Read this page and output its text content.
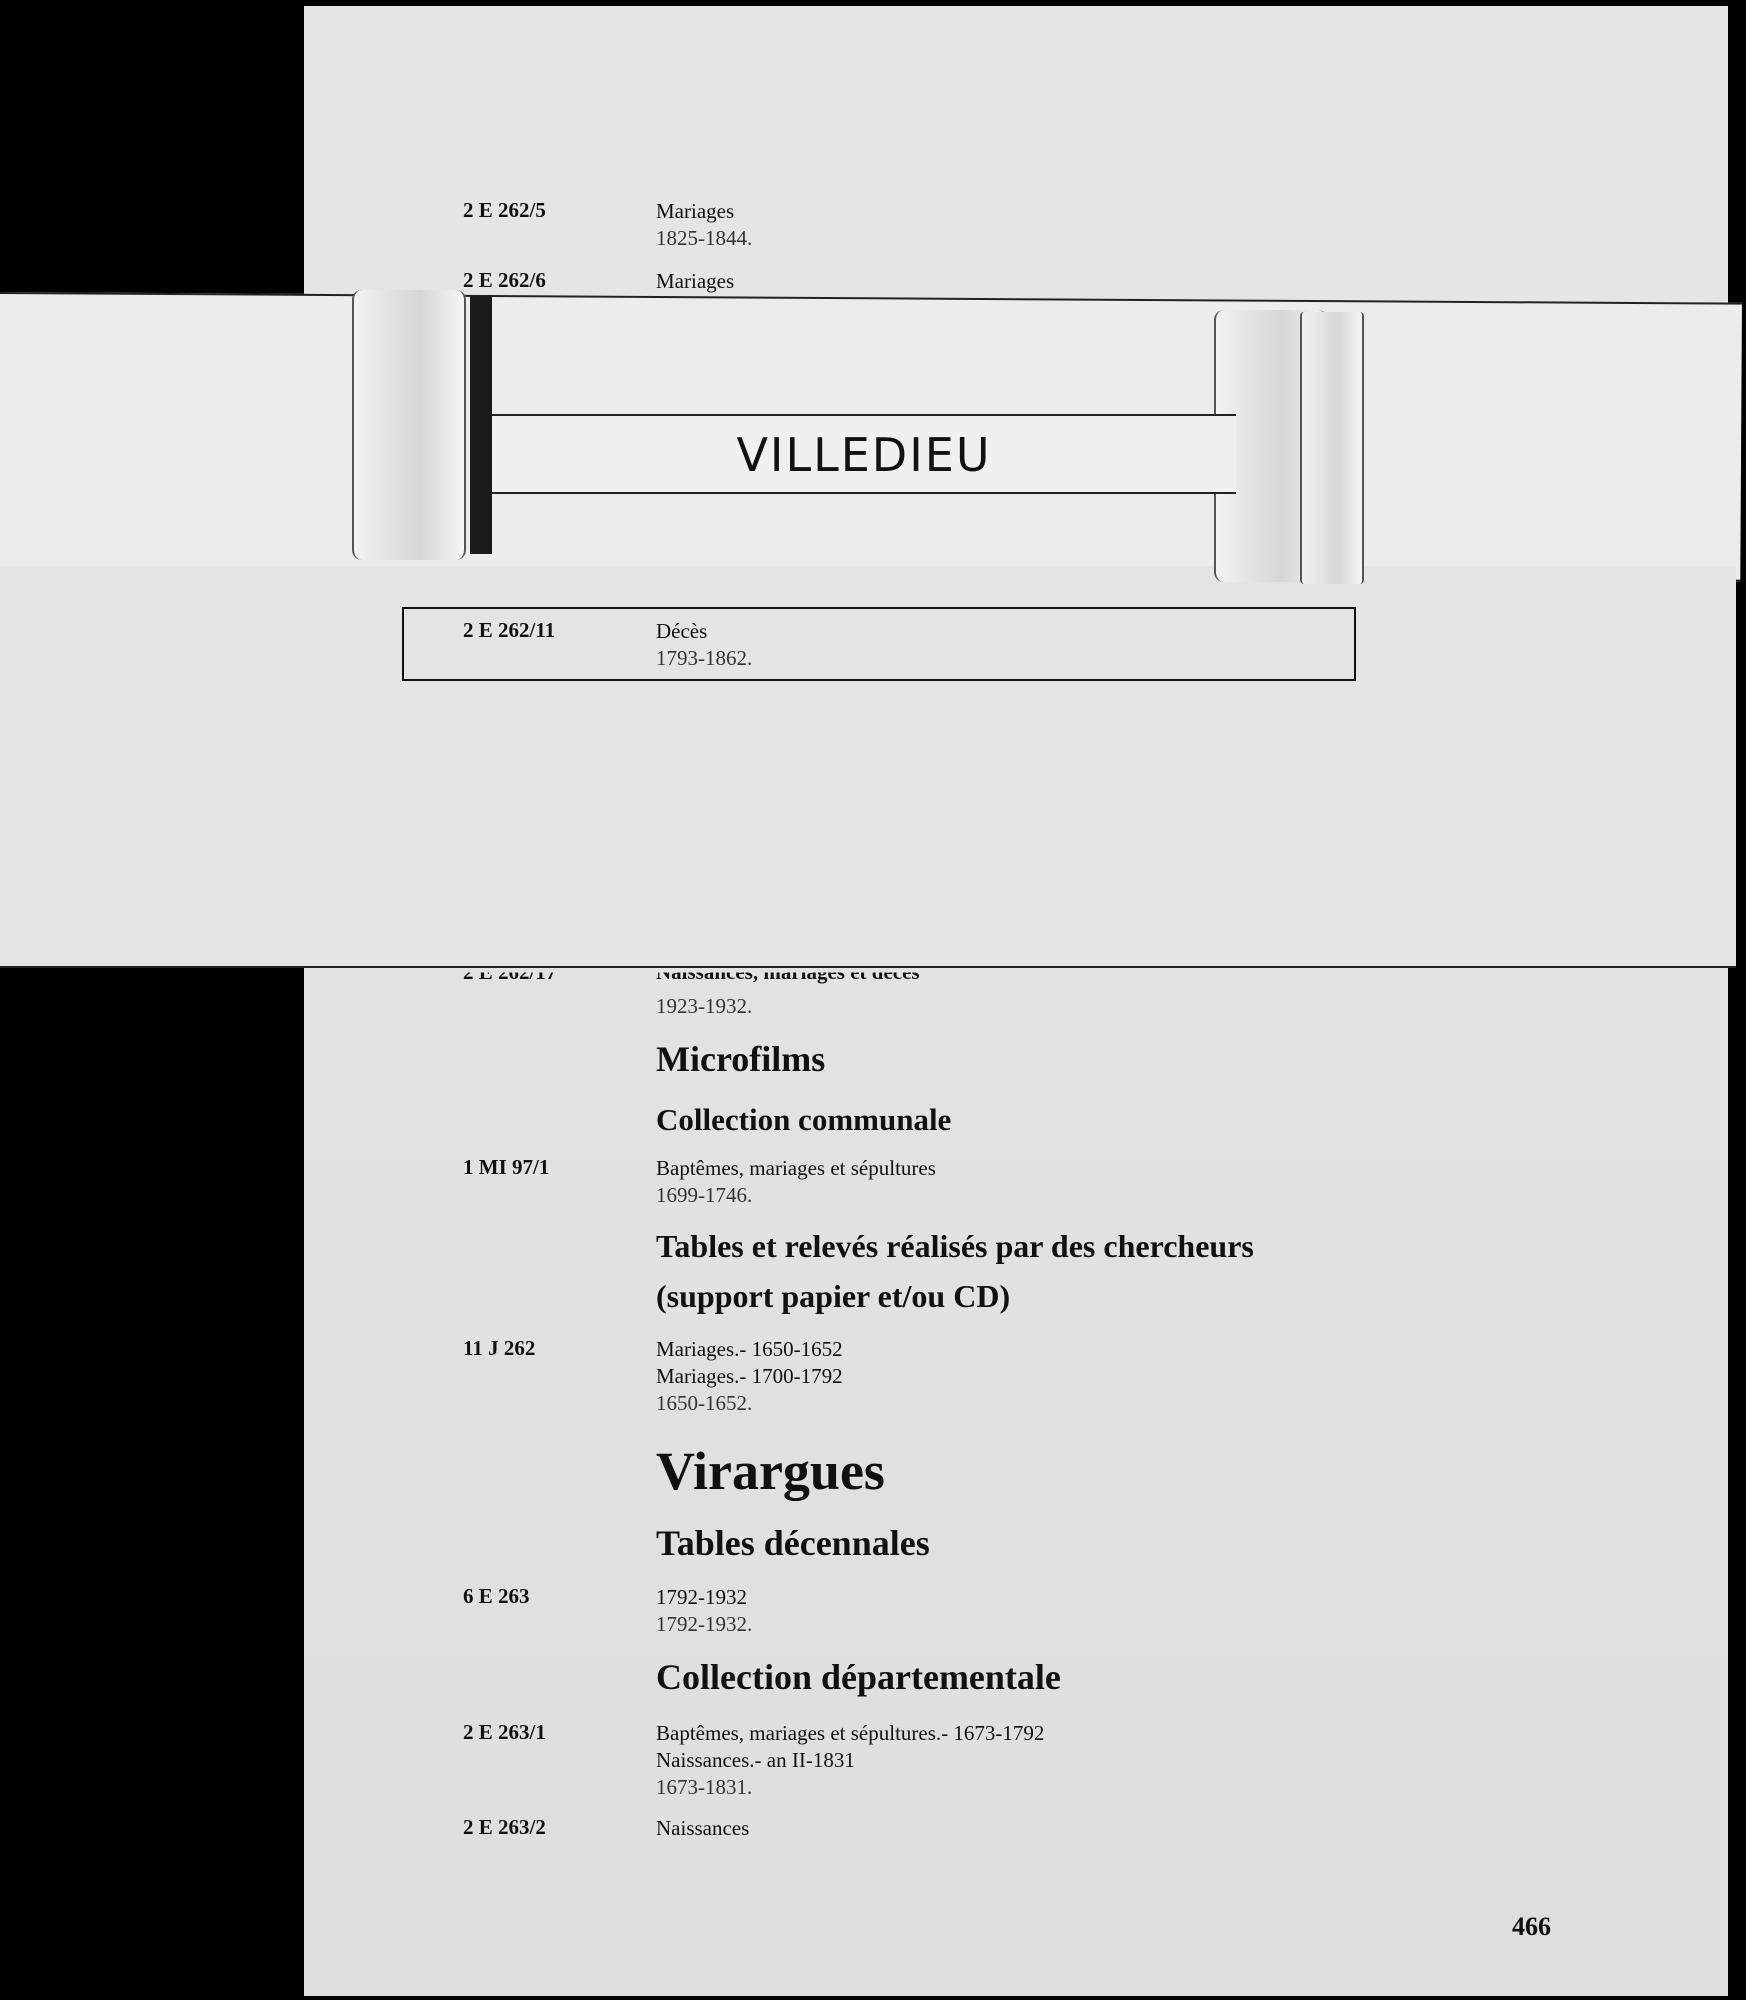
2 E 262/5	Mariages
1825-1844.
2 E 262/6	Mariages
VILLEDIEU
2 E 262/11	Décès
1793-1862.
1923-1932.
Microfilms
Collection communale
1 MI 97/1	Baptêmes, mariages et sépultures
1699-1746.
Tables et relevés réalisés par des chercheurs
(support papier et/ou CD)
11 J 262	Mariages.- 1650-1652
Mariages.- 1700-1792
1650-1652.
Virargues
Tables décennales
6 E 263	1792-1932
1792-1932.
Collection départementale
2 E 263/1	Baptêmes, mariages et sépultures.- 1673-1792
Naissances.- an II-1831
1673-1831.
2 E 263/2	Naissances
466
